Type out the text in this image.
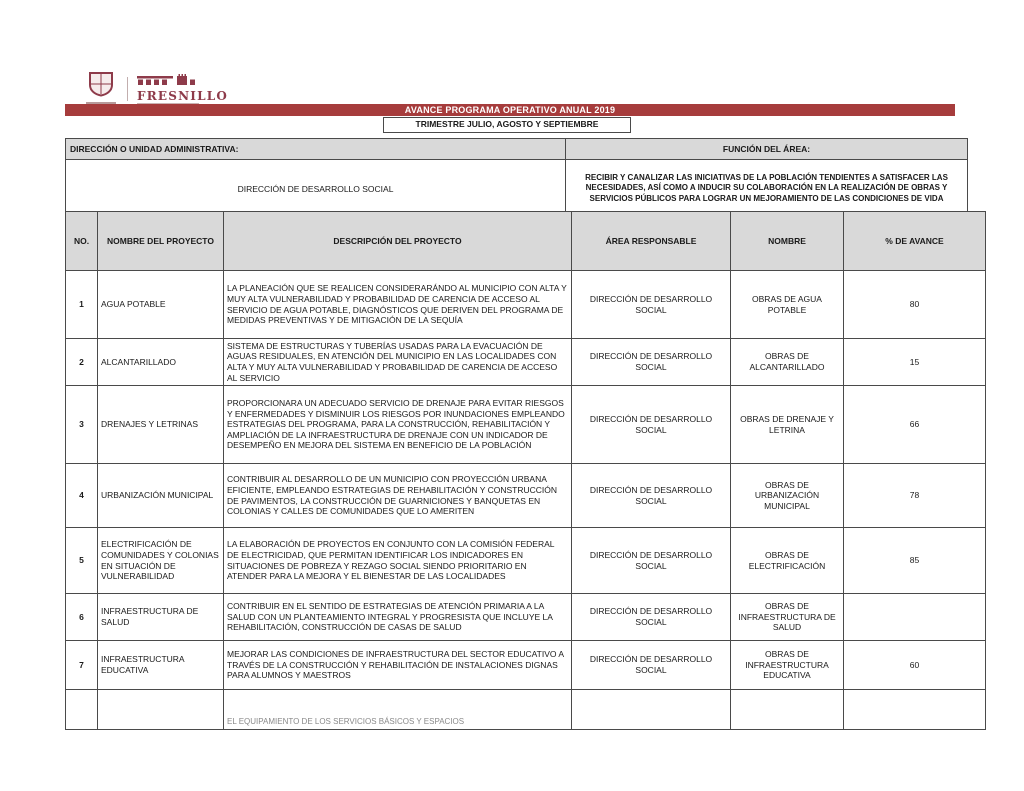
FRESNILLO
AVANCE PROGRAMA OPERATIVO ANUAL 2019
TRIMESTRE JULIO, AGOSTO Y SEPTIEMBRE
DIRECCIÓN O UNIDAD ADMINISTRATIVA:	FUNCIÓN DEL ÁREA:
DIRECCIÓN DE DESARROLLO SOCIAL	RECIBIR Y CANALIZAR LAS INICIATIVAS DE LA POBLACIÓN TENDIENTES A SATISFACER LAS NECESIDADES, ASÍ COMO A INDUCIR SU COLABORACIÓN EN LA REALIZACIÓN DE OBRAS Y SERVICIOS PÚBLICOS PARA LOGRAR UN MEJORAMIENTO DE LAS CONDICIONES DE VIDA
NO.	NOMBRE DEL PROYECTO	DESCRIPCIÓN DEL PROYECTO	ÁREA RESPONSABLE	NOMBRE	% DE AVANCE
1	AGUA POTABLE	LA PLANEACIÓN QUE SE REALICEN CONSIDERARÁNDO AL MUNICIPIO CON ALTA Y MUY ALTA VULNERABILIDAD Y PROBABILIDAD DE CARENCIA DE ACCESO AL SERVICIO DE AGUA POTABLE, DIAGNÓSTICOS QUE DERIVEN DEL PROGRAMA DE MEDIDAS PREVENTIVAS Y DE MITIGACIÓN DE LA SEQUÍA	DIRECCIÓN DE DESARROLLO SOCIAL	OBRAS DE AGUA POTABLE	80
2	ALCANTARILLADO	SISTEMA DE ESTRUCTURAS Y TUBERÍAS USADAS PARA LA EVACUACIÓN DE AGUAS RESIDUALES, EN ATENCIÓN DEL MUNICIPIO EN LAS LOCALIDADES CON ALTA Y MUY ALTA VULNERABILIDAD Y PROBABILIDAD DE CARENCIA DE ACCESO AL SERVICIO	DIRECCIÓN DE DESARROLLO SOCIAL	OBRAS DE ALCANTARILLADO	15
3	DRENAJES Y LETRINAS	PROPORCIONARA UN ADECUADO SERVICIO DE DRENAJE PARA EVITAR RIESGOS Y ENFERMEDADES Y DISMINUIR LOS RIESGOS POR INUNDACIONES EMPLEANDO ESTRATEGIAS DEL PROGRAMA, PARA LA CONSTRUCCIÓN, REHABILITACIÓN Y AMPLIACIÓN DE LA INFRAESTRUCTURA DE DRENAJE CON UN INDICADOR DE DESEMPEÑO EN MEJORA DEL SISTEMA EN BENEFICIO DE LA POBLACIÓN	DIRECCIÓN DE DESARROLLO SOCIAL	OBRAS DE DRENAJE Y LETRINA	66
4	URBANIZACIÓN MUNICIPAL	CONTRIBUIR AL DESARROLLO DE UN MUNICIPIO CON PROYECCIÓN URBANA EFICIENTE, EMPLEANDO ESTRATEGIAS DE REHABILITACIÓN Y CONSTRUCCIÓN DE PAVIMENTOS, LA CONSTRUCCIÓN DE GUARNICIONES Y BANQUETAS EN COLONIAS Y CALLES DE COMUNIDADES QUE LO AMERITEN	DIRECCIÓN DE DESARROLLO SOCIAL	OBRAS DE URBANIZACIÓN MUNICIPAL	78
5	ELECTRIFICACIÓN DE COMUNIDADES Y COLONIAS EN SITUACIÓN DE VULNERABILIDAD	LA ELABORACIÓN DE PROYECTOS EN CONJUNTO CON LA COMISIÓN FEDERAL DE ELECTRICIDAD, QUE PERMITAN IDENTIFICAR LOS INDICADORES EN SITUACIONES DE POBREZA Y REZAGO SOCIAL SIENDO PRIORITARIO EN ATENDER PARA LA MEJORA Y EL BIENESTAR DE LAS LOCALIDADES	DIRECCIÓN DE DESARROLLO SOCIAL	OBRAS DE ELECTRIFICACIÓN	85
6	INFRAESTRUCTURA DE SALUD	CONTRIBUIR EN EL SENTIDO DE ESTRATEGIAS DE ATENCIÓN PRIMARIA A LA SALUD CON UN PLANTEAMIENTO INTEGRAL Y PROGRESISTA QUE INCLUYE LA REHABILITACIÓN, CONSTRUCCIÓN DE CASAS DE SALUD	DIRECCIÓN DE DESARROLLO SOCIAL	OBRAS DE INFRAESTRUCTURA DE SALUD	
7	INFRAESTRUCTURA EDUCATIVA	MEJORAR LAS CONDICIONES DE INFRAESTRUCTURA DEL SECTOR EDUCATIVO A TRAVÉS DE LA CONSTRUCCIÓN Y REHABILITACIÓN DE INSTALACIONES DIGNAS PARA ALUMNOS Y MAESTROS	DIRECCIÓN DE DESARROLLO SOCIAL	OBRAS DE INFRAESTRUCTURA EDUCATIVA	60

		EL EQUIPAMIENTO DE LOS SERVICIOS BÁSICOS Y ESPACIOS			
